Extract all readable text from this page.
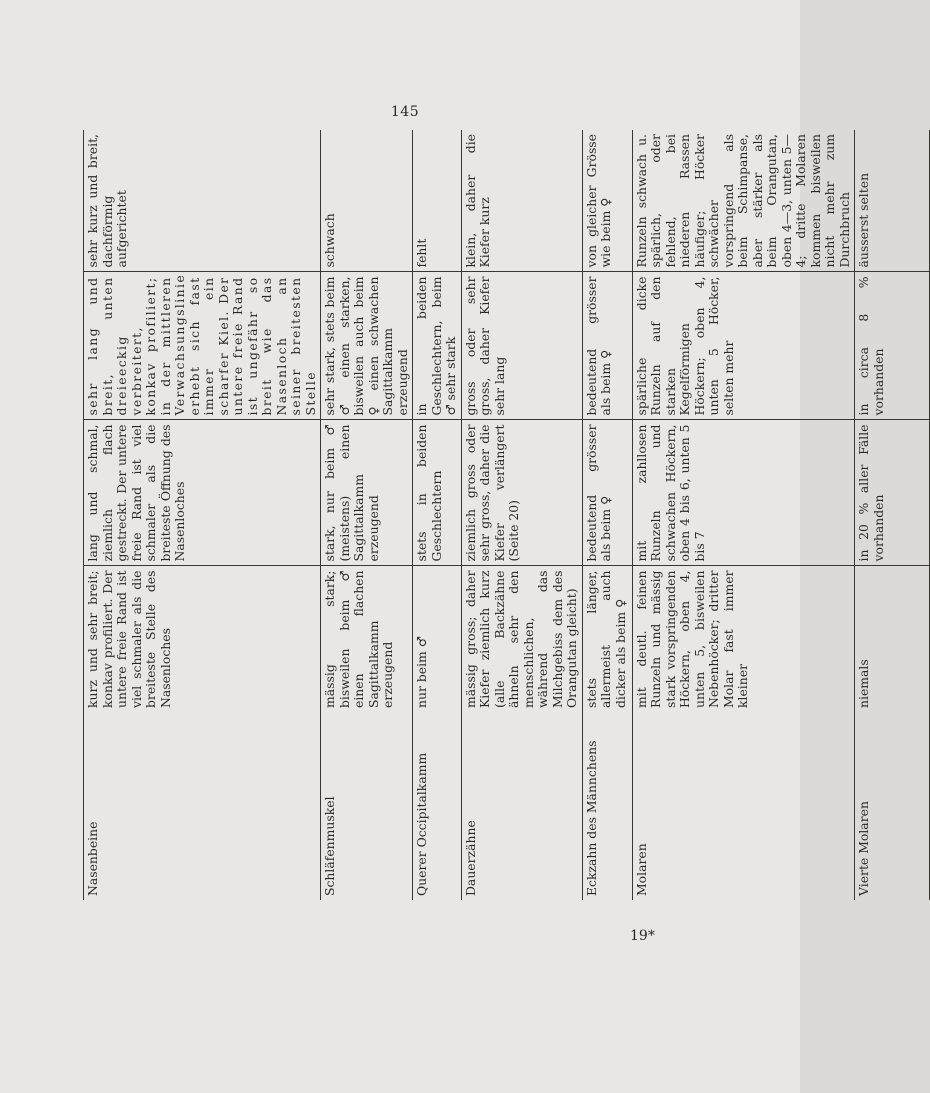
145
Nasenbeine	kurz und sehr breit; konkav profiliert. Der untere freie Rand ist viel schmaler als die breiteste Stelle des Nasenloches	lang und schmal, ziemlich flach gestreckt. Der untere freie Rand ist viel schmaler als die breiteste Öffnung des Nasenloches	sehr lang und breit, unten dreieeckig verbreitert, konkav profiliert; in der mittleren Verwachsungslinie erhebt sich fast immer ein scharfer Kiel. Der untere freie Rand ist ungefähr so breit wie das Nasenloch an seiner breitesten Stelle	sehr kurz und breit, dachförmig aufgerichtet
Schläfenmuskel	mässig stark; bisweilen beim ♂ einen flachen Sagittalkamm erzeugend	stark, nur beim ♂ (meistens) einen Sagittalkamm erzeugend	sehr stark, stets beim ♂ einen starken, bisweilen auch beim ♀ einen schwachen Sagittalkamm erzeugend	schwach
Querer Occipitalkamm	nur beim ♂	stets in beiden Geschlechtern	in beiden Geschlechtern, beim ♂ sehr stark	fehlt
Dauerzähne	mässig gross; daher Kiefer ziemlich kurz (alle Backzähne ähneln sehr den menschlichen, während das Milchgebiss dem des Orangutan gleicht)	ziemlich gross oder sehr gross, daher die Kiefer verlängert (Seite 20)	gross oder sehr gross, daher Kiefer sehr lang	klein, daher die Kiefer kurz
Eckzahn des Männchens	stets länger, allermeist auch dicker als beim ♀	bedeutend grösser als beim ♀	bedeutend grösser als beim ♀	von gleicher Grösse wie beim ♀
Molaren	mit deutl. feinen Runzeln und mässig stark vorspringenden Höckern, oben 4, unten 5, bisweilen Nebenhöcker; dritter Molar fast immer kleiner	mit zahllosen Runzeln und schwachen Höckern, oben 4 bis 6, unten 5 bis 7	spärliche dicke Runzeln auf den starken Kegelförmigen Höckern; oben 4, unten 5 Höcker, selten mehr	Runzeln schwach u. spärlich, oder fehlend, bei niederen Rassen häufiger; Höcker schwächer vorspringend als beim Schimpanse, aber stärker als beim Orangutan, oben 4—3, unten 5—4; dritte Molaren kommen bisweilen nicht mehr zum Durchbruch
Vierte Molaren	niemals	in 20 % aller Fälle vorhanden	in circa 8 % vorhanden	äusserst selten
19*
